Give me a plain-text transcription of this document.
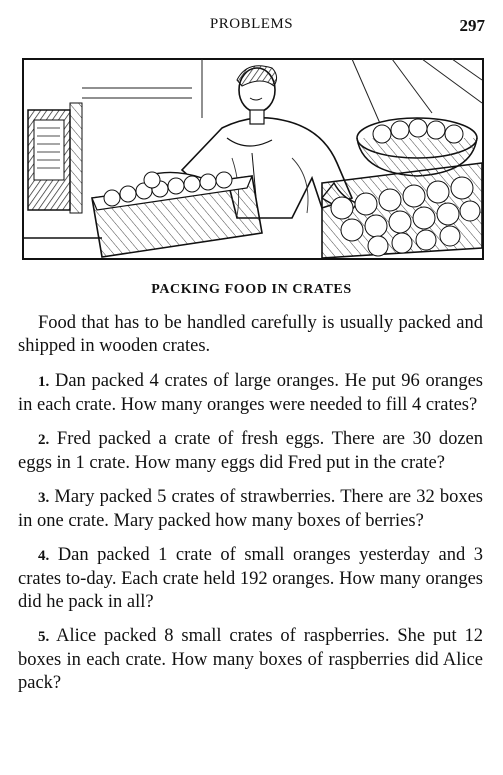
PROBLEMS	297
PACKING FOOD IN CRATES

Food that has to be handled carefully is usually packed and shipped in wooden crates.

1. Dan packed 4 crates of large oranges. He put 96 oranges in each crate. How many oranges were needed to fill 4 crates?

2. Fred packed a crate of fresh eggs. There are 30 dozen eggs in 1 crate. How many eggs did Fred put in the crate?

3. Mary packed 5 crates of strawberries. There are 32 boxes in one crate. Mary packed how many boxes of berries?

4. Dan packed 1 crate of small oranges yesterday and 3 crates to-day. Each crate held 192 oranges. How many oranges did he pack in all?

5. Alice packed 8 small crates of raspberries. She put 12 boxes in each crate. How many boxes of raspberries did Alice pack?
